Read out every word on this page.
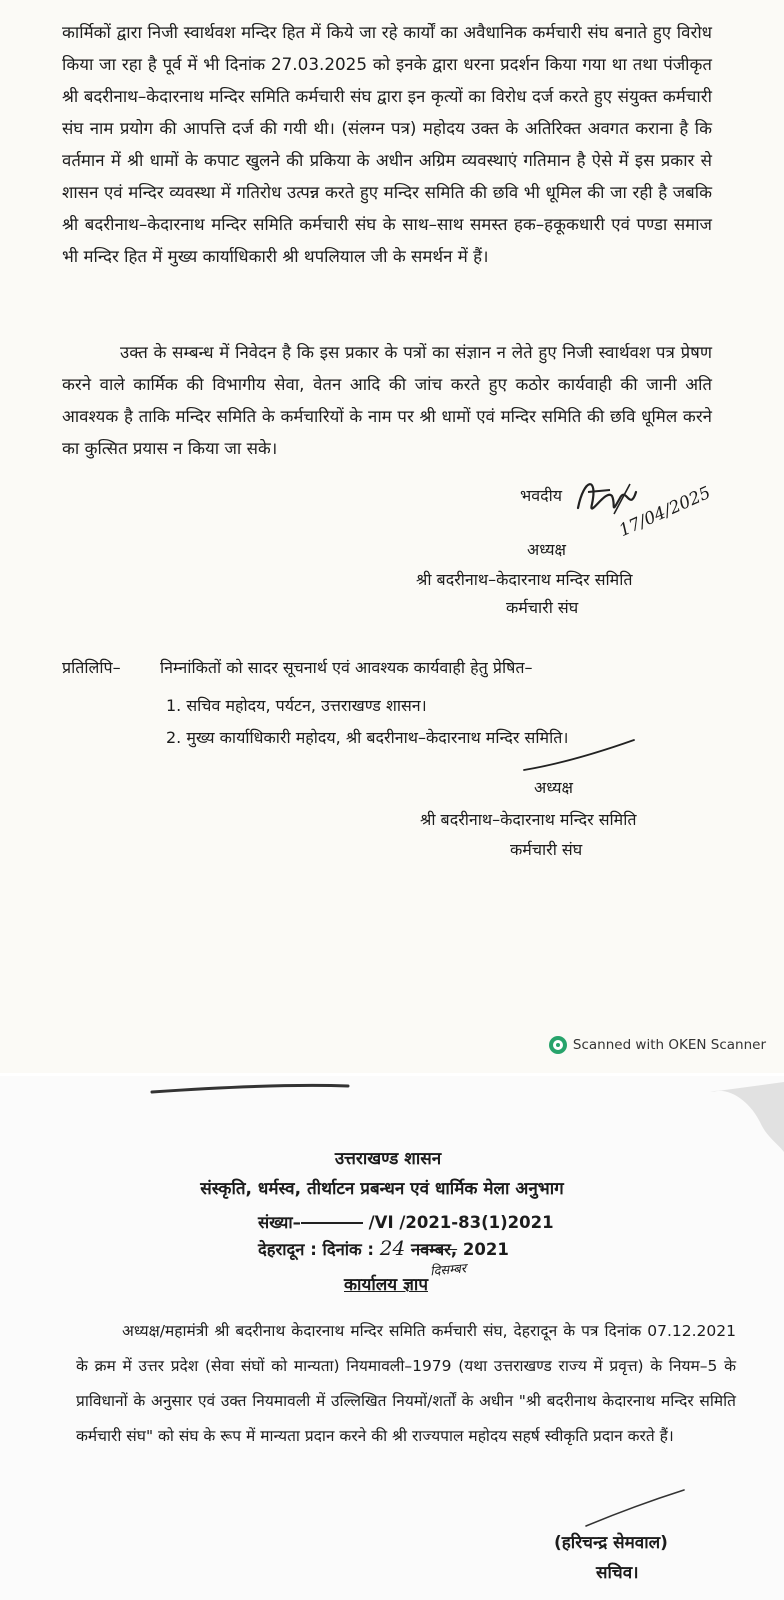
कार्मिकों द्वारा निजी स्वार्थवश मन्दिर हित में किये जा रहे कार्यों का अवैधानिक कर्मचारी संघ बनाते हुए विरोध किया जा रहा है पूर्व में भी दिनांक 27.03.2025 को इनके द्वारा धरना प्रदर्शन किया गया था तथा पंजीकृत श्री बदरीनाथ–केदारनाथ मन्दिर समिति कर्मचारी संघ द्वारा इन कृत्यों का विरोध दर्ज करते हुए संयुक्त कर्मचारी संघ नाम प्रयोग की आपत्ति दर्ज की गयी थी। (संलग्न पत्र) महोदय उक्त के अतिरिक्त अवगत कराना है कि वर्तमान में श्री धामों के कपाट खुलने की प्रकिया के अधीन अग्रिम व्यवस्थाएं गतिमान है ऐसे में इस प्रकार से शासन एवं मन्दिर व्यवस्था में गतिरोध उत्पन्न करते हुए मन्दिर समिति की छवि भी धूमिल की जा रही है जबकि श्री बदरीनाथ–केदारनाथ मन्दिर समिति कर्मचारी संघ के साथ–साथ समस्त हक–हकूकधारी एवं पण्डा समाज भी मन्दिर हित में मुख्य कार्याधिकारी श्री थपलियाल जी के समर्थन में हैं।

उक्त के सम्बन्ध में निवेदन है कि इस प्रकार के पत्रों का संज्ञान न लेते हुए निजी स्वार्थवश पत्र प्रेषण करने वाले कार्मिक की विभागीय सेवा, वेतन आदि की जांच करते हुए कठोर कार्यवाही की जानी अति आवश्यक है ताकि मन्दिर समिति के कर्मचारियों के नाम पर श्री धामों एवं मन्दिर समिति की छवि धूमिल करने का कुत्सित प्रयास न किया जा सके।

भवदीय	17/04/2025
अध्यक्ष
श्री बदरीनाथ–केदारनाथ मन्दिर समिति
कर्मचारी संघ
प्रतिलिपि– निम्नांकितों को सादर सूचनार्थ एवं आवश्यक कार्यवाही हेतु प्रेषित–
1. सचिव महोदय, पर्यटन, उत्तराखण्ड शासन।
2. मुख्य कार्याधिकारी महोदय, श्री बदरीनाथ–केदारनाथ मन्दिर समिति।
अध्यक्ष
श्री बदरीनाथ–केदारनाथ मन्दिर समिति
कर्मचारी संघ
Scanned with OKEN Scanner
उत्तराखण्ड शासन
संस्कृति, धर्मस्व, तीर्थाटन प्रबन्धन एवं धार्मिक मेला अनुभाग
संख्या–	/VI /2021-83(1)2021
देहरादून : दिनांक : 24 नवम्बर, 2021
दिसम्बर
कार्यालय ज्ञाप

अध्यक्ष/महामंत्री श्री बदरीनाथ केदारनाथ मन्दिर समिति कर्मचारी संघ, देहरादून के पत्र दिनांक 07.12.2021 के क्रम में उत्तर प्रदेश (सेवा संघों को मान्यता) नियमावली–1979 (यथा उत्तराखण्ड राज्य में प्रवृत्त) के नियम–5 के प्राविधानों के अनुसार एवं उक्त नियमावली में उल्लिखित नियमों/शर्तों के अधीन "श्री बदरीनाथ केदारनाथ मन्दिर समिति कर्मचारी संघ" को संघ के रूप में मान्यता प्रदान करने की श्री राज्यपाल महोदय सहर्ष स्वीकृति प्रदान करते हैं।

(हरिचन्द्र सेमवाल)
सचिव।
